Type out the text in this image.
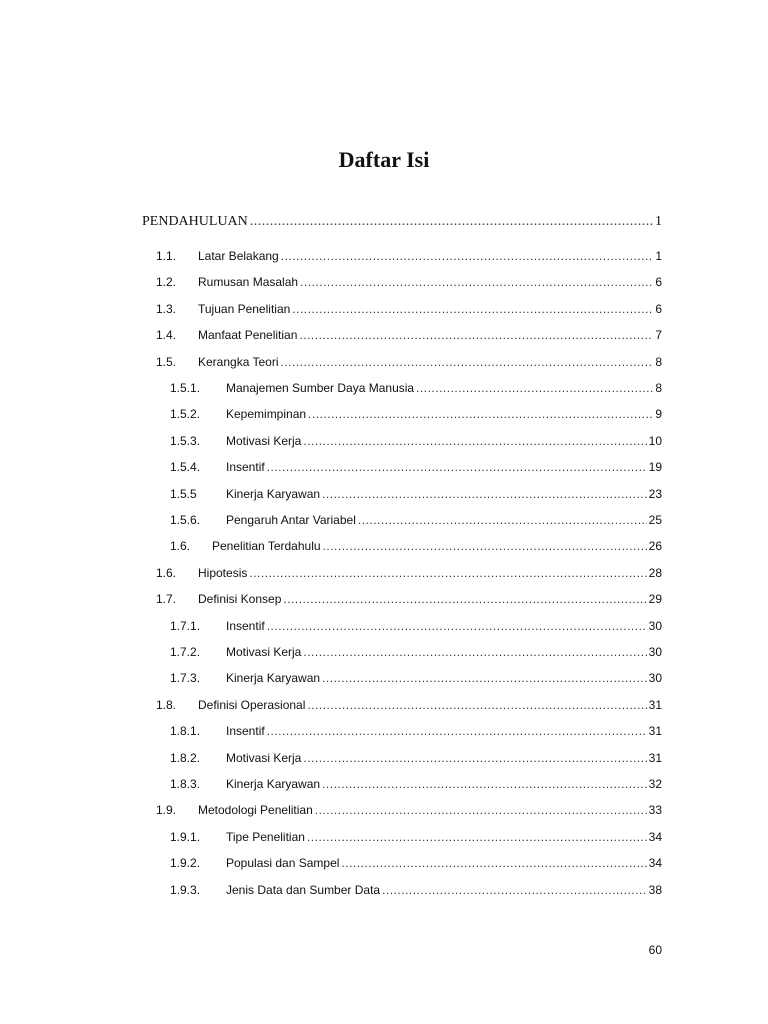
Daftar Isi
PENDAHULUAN .....	1
1.1.	Latar Belakang .....	1
1.2.	Rumusan Masalah .....	6
1.3.	Tujuan Penelitian .....	6
1.4.	Manfaat Penelitian .....	7
1.5.	Kerangka Teori .....	8
1.5.1.	Manajemen Sumber Daya Manusia .....	8
1.5.2.	Kepemimpinan .....	9
1.5.3.	Motivasi Kerja .....	10
1.5.4.	Insentif .....	19
1.5.5	Kinerja Karyawan .....	23
1.5.6.	Pengaruh Antar Variabel .....	25
1.6.	Penelitian Terdahulu .....	26
1.6.	Hipotesis .....	28
1.7.	Definisi Konsep .....	29
1.7.1.	Insentif .....	30
1.7.2.	Motivasi Kerja .....	30
1.7.3.	Kinerja Karyawan .....	30
1.8.	Definisi Operasional .....	31
1.8.1.	Insentif .....	31
1.8.2.	Motivasi Kerja .....	31
1.8.3.	Kinerja Karyawan .....	32
1.9.	Metodologi Penelitian .....	33
1.9.1.	Tipe Penelitian .....	34
1.9.2.	Populasi dan Sampel .....	34
1.9.3.	Jenis Data dan Sumber Data .....	38
60
